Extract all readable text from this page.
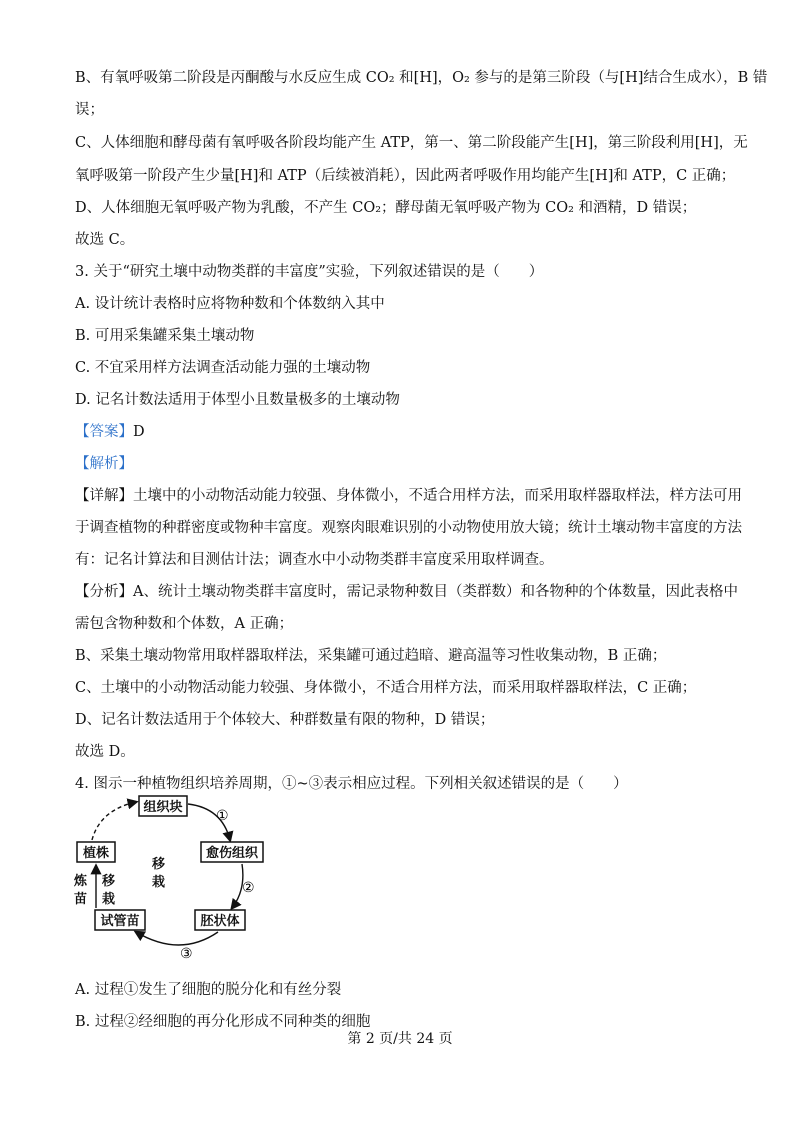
B、有氧呼吸第二阶段是丙酮酸与水反应生成 CO₂ 和[H]，O₂ 参与的是第三阶段（与[H]结合生成水），B 错
误；
C、人体细胞和酵母菌有氧呼吸各阶段均能产生 ATP，第一、第二阶段能产生[H]，第三阶段利用[H]，无
氧呼吸第一阶段产生少量[H]和 ATP（后续被消耗），因此两者呼吸作用均能产生[H]和 ATP，C 正确；
D、人体细胞无氧呼吸产物为乳酸，不产生 CO₂；酵母菌无氧呼吸产物为 CO₂ 和酒精，D 错误；
故选 C。
3. 关于“研究土壤中动物类群的丰富度”实验，下列叙述错误的是（　　）
A. 设计统计表格时应将物种数和个体数纳入其中
B. 可用采集罐采集土壤动物
C. 不宜采用样方法调查活动能力强的土壤动物
D. 记名计数法适用于体型小且数量极多的土壤动物
【答案】D
【解析】
【详解】土壤中的小动物活动能力较强、身体微小，不适合用样方法，而采用取样器取样法，样方法可用
于调查植物的种群密度或物种丰富度。观察肉眼难识别的小动物使用放大镜；统计土壤动物丰富度的方法
有：记名计算法和目测估计法；调查水中小动物类群丰富度采用取样调查。
【分析】A、统计土壤动物类群丰富度时，需记录物种数目（类群数）和各物种的个体数量，因此表格中
需包含物种数和个体数，A 正确；
B、采集土壤动物常用取样器取样法，采集罐可通过趋暗、避高温等习性收集动物，B 正确；
C、土壤中的小动物活动能力较强、身体微小，不适合用样方法，而采用取样器取样法，C 正确；
D、记名计数法适用于个体较大、种群数量有限的物种，D 错误；
故选 D。
4. 图示一种植物组织培养周期，①~③表示相应过程。下列相关叙述错误的是（　　）
组织块
愈伤组织
胚状体
试管苗
植株
①
②
③
移
栽
炼
苗
移
栽
A. 过程①发生了细胞的脱分化和有丝分裂
B. 过程②经细胞的再分化形成不同种类的细胞
第 2 页/共 24 页
